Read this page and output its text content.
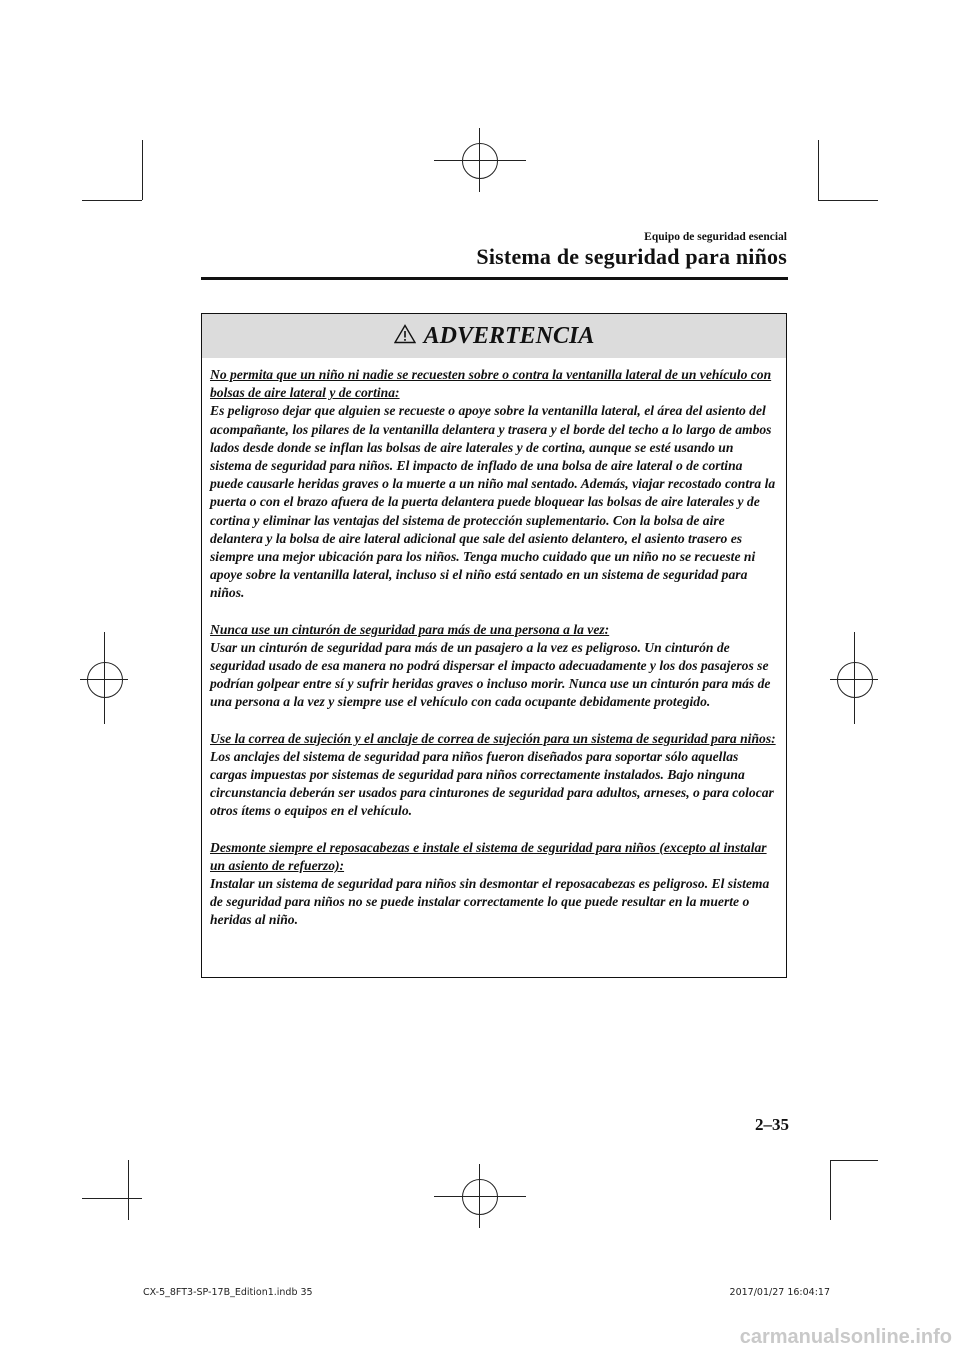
Equipo de seguridad esencial
Sistema de seguridad para niños
ADVERTENCIA

No permita que un niño ni nadie se recuesten sobre o contra la ventanilla lateral de un vehículo con bolsas de aire lateral y de cortina:
Es peligroso dejar que alguien se recueste o apoye sobre la ventanilla lateral, el área del asiento del acompañante, los pilares de la ventanilla delantera y trasera y el borde del techo a lo largo de ambos lados desde donde se inflan las bolsas de aire laterales y de cortina, aunque se esté usando un sistema de seguridad para niños. El impacto de inflado de una bolsa de aire lateral o de cortina puede causarle heridas graves o la muerte a un niño mal sentado. Además, viajar recostado contra la puerta o con el brazo afuera de la puerta delantera puede bloquear las bolsas de aire laterales y de cortina y eliminar las ventajas del sistema de protección suplementario. Con la bolsa de aire delantera y la bolsa de aire lateral adicional que sale del asiento delantero, el asiento trasero es siempre una mejor ubicación para los niños. Tenga mucho cuidado que un niño no se recueste ni apoye sobre la ventanilla lateral, incluso si el niño está sentado en un sistema de seguridad para niños.

Nunca use un cinturón de seguridad para más de una persona a la vez:
Usar un cinturón de seguridad para más de un pasajero a la vez es peligroso. Un cinturón de seguridad usado de esa manera no podrá dispersar el impacto adecuadamente y los dos pasajeros se podrían golpear entre sí y sufrir heridas graves o incluso morir. Nunca use un cinturón para más de una persona a la vez y siempre use el vehículo con cada ocupante debidamente protegido.

Use la correa de sujeción y el anclaje de correa de sujeción para un sistema de seguridad para niños:
Los anclajes del sistema de seguridad para niños fueron diseñados para soportar sólo aquellas cargas impuestas por sistemas de seguridad para niños correctamente instalados. Bajo ninguna circunstancia deberán ser usados para cinturones de seguridad para adultos, arneses, o para colocar otros ítems o equipos en el vehículo.

Desmonte siempre el reposacabezas e instale el sistema de seguridad para niños (excepto al instalar un asiento de refuerzo):
Instalar un sistema de seguridad para niños sin desmontar el reposacabezas es peligroso. El sistema de seguridad para niños no se puede instalar correctamente lo que puede resultar en la muerte o heridas al niño.

2–35
CX-5_8FT3-SP-17B_Edition1.indb 35	2017/01/27 16:04:17
carmanualsonline.info
